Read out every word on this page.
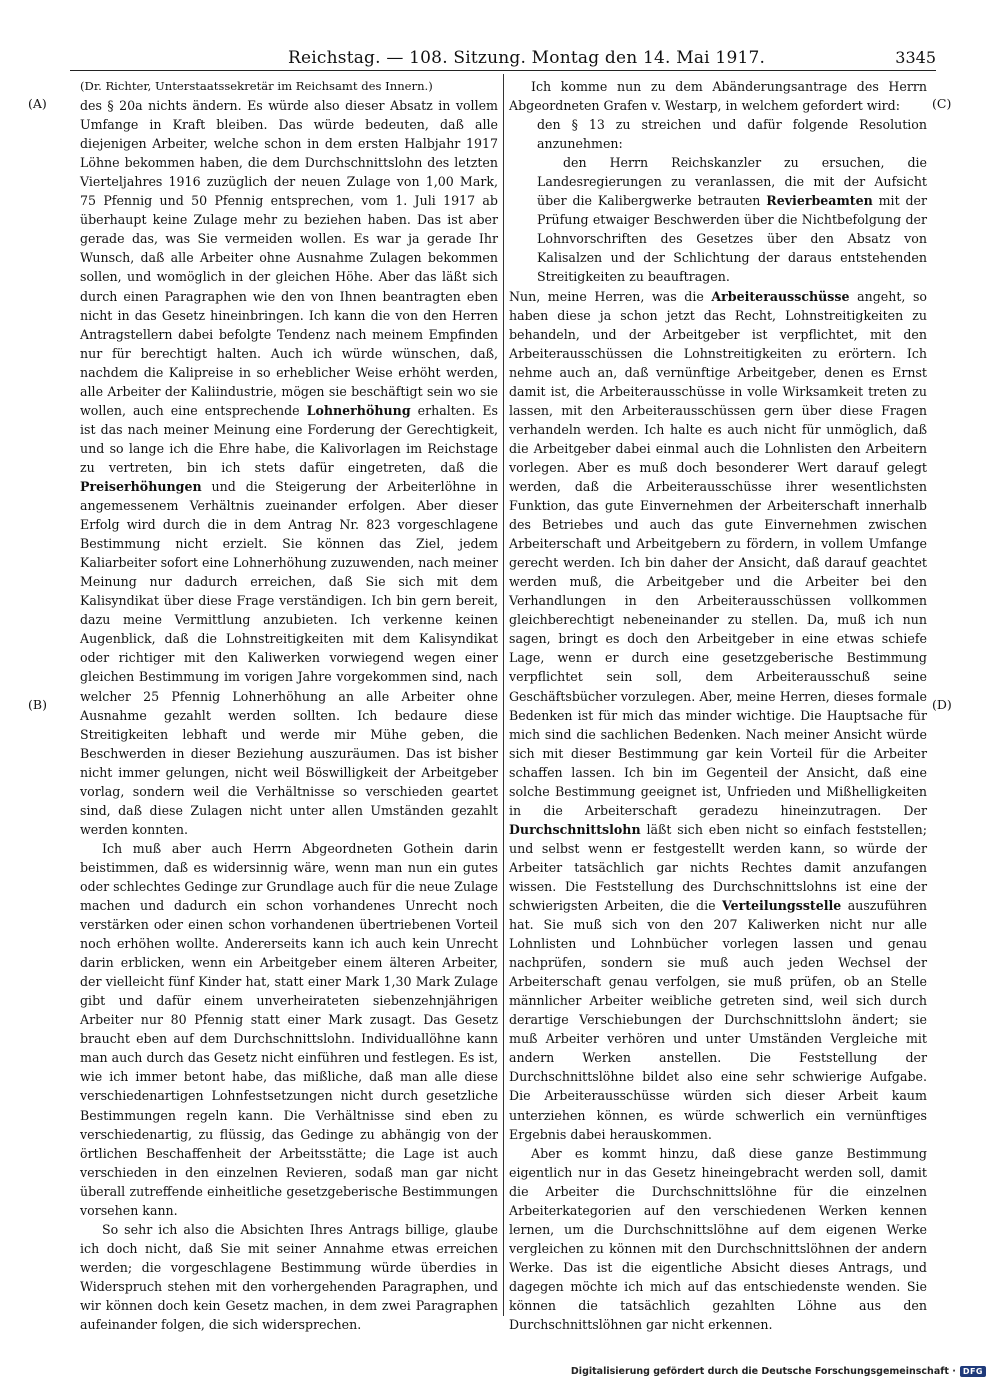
Reichstag. — 108. Sitzung. Montag den 14. Mai 1917.	3345
(A)
(B)
(C)
(D)

(Dr. Richter, Unterstaatssekretär im Reichsamt des Innern.)

des § 20a nichts ändern. Es würde also dieser Absatz in vollem Umfange in Kraft bleiben. Das würde bedeuten, daß alle diejenigen Arbeiter, welche schon in dem ersten Halbjahr 1917 Löhne bekommen haben, die dem Durchschnittslohn des letzten Vierteljahres 1916 zuzüglich der neuen Zulage von 1,00 Mark, 75 Pfennig und 50 Pfennig entsprechen, vom 1. Juli 1917 ab überhaupt keine Zulage mehr zu beziehen haben. Das ist aber gerade das, was Sie vermeiden wollen. Es war ja gerade Ihr Wunsch, daß alle Arbeiter ohne Ausnahme Zulagen bekommen sollen, und womöglich in der gleichen Höhe. Aber das läßt sich durch einen Paragraphen wie den von Ihnen beantragten eben nicht in das Gesetz hineinbringen. Ich kann die von den Herren Antragstellern dabei befolgte Tendenz nach meinem Empfinden nur für berechtigt halten. Auch ich würde wünschen, daß, nachdem die Kalipreise in so erheblicher Weise erhöht werden, alle Arbeiter der Kaliindustrie, mögen sie beschäftigt sein wo sie wollen, auch eine entsprechende Lohnerhöhung erhalten. Es ist das nach meiner Meinung eine Forderung der Gerechtigkeit, und so lange ich die Ehre habe, die Kalivorlagen im Reichstage zu vertreten, bin ich stets dafür eingetreten, daß die Preiserhöhungen und die Steigerung der Arbeiterlöhne in angemessenem Verhältnis zueinander erfolgen. Aber dieser Erfolg wird durch die in dem Antrag Nr. 823 vorgeschlagene Bestimmung nicht erzielt. Sie können das Ziel, jedem Kaliarbeiter sofort eine Lohnerhöhung zuzuwenden, nach meiner Meinung nur dadurch erreichen, daß Sie sich mit dem Kalisyndikat über diese Frage verständigen. Ich bin gern bereit, dazu meine Vermittlung anzubieten. Ich verkenne keinen Augenblick, daß die Lohnstreitigkeiten mit dem Kalisyndikat oder richtiger mit den Kaliwerken vorwiegend wegen einer gleichen Bestimmung im vorigen Jahre vorgekommen sind, nach welcher 25 Pfennig Lohnerhöhung an alle Arbeiter ohne Ausnahme gezahlt werden sollten. Ich bedaure diese Streitigkeiten lebhaft und werde mir Mühe geben, die Beschwerden in dieser Beziehung auszuräumen. Das ist bisher nicht immer gelungen, nicht weil Böswilligkeit der Arbeitgeber vorlag, sondern weil die Verhältnisse so verschieden geartet sind, daß diese Zulagen nicht unter allen Umständen gezahlt werden konnten.

Ich muß aber auch Herrn Abgeordneten Gothein darin beistimmen, daß es widersinnig wäre, wenn man nun ein gutes oder schlechtes Gedinge zur Grundlage auch für die neue Zulage machen und dadurch ein schon vorhandenes Unrecht noch verstärken oder einen schon vorhandenen übertriebenen Vorteil noch erhöhen wollte. Andererseits kann ich auch kein Unrecht darin erblicken, wenn ein Arbeitgeber einem älteren Arbeiter, der vielleicht fünf Kinder hat, statt einer Mark 1,30 Mark Zulage gibt und dafür einem unverheirateten siebenzehnjährigen Arbeiter nur 80 Pfennig statt einer Mark zusagt. Das Gesetz braucht eben auf dem Durchschnittslohn. Individuallöhne kann man auch durch das Gesetz nicht einführen und festlegen. Es ist, wie ich immer betont habe, das mißliche, daß man alle diese verschiedenartigen Lohnfestsetzungen nicht durch gesetzliche Bestimmungen regeln kann. Die Verhältnisse sind eben zu verschiedenartig, zu flüssig, das Gedinge zu abhängig von der örtlichen Beschaffenheit der Arbeitsstätte; die Lage ist auch verschieden in den einzelnen Revieren, sodaß man gar nicht überall zutreffende einheitliche gesetzgeberische Bestimmungen vorsehen kann.

So sehr ich also die Absichten Ihres Antrags billige, glaube ich doch nicht, daß Sie mit seiner Annahme etwas erreichen werden; die vorgeschlagene Bestimmung würde überdies in Widerspruch stehen mit den vorhergehenden Paragraphen, und wir können doch kein Gesetz machen, in dem zwei Paragraphen aufeinander folgen, die sich widersprechen.

Ich komme nun zu dem Abänderungsantrage des Herrn Abgeordneten Grafen v. Westarp, in welchem gefordert wird:

den § 13 zu streichen und dafür folgende Resolution anzunehmen:

den Herrn Reichskanzler zu ersuchen, die Landesregierungen zu veranlassen, die mit der Aufsicht über die Kalibergwerke betrauten Revierbeamten mit der Prüfung etwaiger Beschwerden über die Nichtbefolgung der Lohnvorschriften des Gesetzes über den Absatz von Kalisalzen und der Schlichtung der daraus entstehenden Streitigkeiten zu beauftragen.

Nun, meine Herren, was die Arbeiterausschüsse angeht, so haben diese ja schon jetzt das Recht, Lohnstreitigkeiten zu behandeln, und der Arbeitgeber ist verpflichtet, mit den Arbeiterausschüssen die Lohnstreitigkeiten zu erörtern. Ich nehme auch an, daß vernünftige Arbeitgeber, denen es Ernst damit ist, die Arbeiterausschüsse in volle Wirksamkeit treten zu lassen, mit den Arbeiterausschüssen gern über diese Fragen verhandeln werden. Ich halte es auch nicht für unmöglich, daß die Arbeitgeber dabei einmal auch die Lohnlisten den Arbeitern vorlegen. Aber es muß doch besonderer Wert darauf gelegt werden, daß die Arbeiterausschüsse ihrer wesentlichsten Funktion, das gute Einvernehmen der Arbeiterschaft innerhalb des Betriebes und auch das gute Einvernehmen zwischen Arbeiterschaft und Arbeitgebern zu fördern, in vollem Umfange gerecht werden. Ich bin daher der Ansicht, daß darauf geachtet werden muß, die Arbeitgeber und die Arbeiter bei den Verhandlungen in den Arbeiterausschüssen vollkommen gleichberechtigt nebeneinander zu stellen. Da, muß ich nun sagen, bringt es doch den Arbeitgeber in eine etwas schiefe Lage, wenn er durch eine gesetzgeberische Bestimmung verpflichtet sein soll, dem Arbeiterausschuß seine Geschäftsbücher vorzulegen. Aber, meine Herren, dieses formale Bedenken ist für mich das minder wichtige. Die Hauptsache für mich sind die sachlichen Bedenken. Nach meiner Ansicht würde sich mit dieser Bestimmung gar kein Vorteil für die Arbeiter schaffen lassen. Ich bin im Gegenteil der Ansicht, daß eine solche Bestimmung geeignet ist, Unfrieden und Mißhelligkeiten in die Arbeiterschaft geradezu hineinzutragen. Der Durchschnittslohn läßt sich eben nicht so einfach feststellen; und selbst wenn er festgestellt werden kann, so würde der Arbeiter tatsächlich gar nichts Rechtes damit anzufangen wissen. Die Feststellung des Durchschnittslohns ist eine der schwierigsten Arbeiten, die die Verteilungsstelle auszuführen hat. Sie muß sich von den 207 Kaliwerken nicht nur alle Lohnlisten und Lohnbücher vorlegen lassen und genau nachprüfen, sondern sie muß auch jeden Wechsel der Arbeiterschaft genau verfolgen, sie muß prüfen, ob an Stelle männlicher Arbeiter weibliche getreten sind, weil sich durch derartige Verschiebungen der Durchschnittslohn ändert; sie muß Arbeiter verhören und unter Umständen Vergleiche mit andern Werken anstellen. Die Feststellung der Durchschnittslöhne bildet also eine sehr schwierige Aufgabe. Die Arbeiterausschüsse würden sich dieser Arbeit kaum unterziehen können, es würde schwerlich ein vernünftiges Ergebnis dabei herauskommen.

Aber es kommt hinzu, daß diese ganze Bestimmung eigentlich nur in das Gesetz hineingebracht werden soll, damit die Arbeiter die Durchschnittslöhne für die einzelnen Arbeiterkategorien auf den verschiedenen Werken kennen lernen, um die Durchschnittslöhne auf dem eigenen Werke vergleichen zu können mit den Durchschnittslöhnen der andern Werke. Das ist die eigentliche Absicht dieses Antrags, und dagegen möchte ich mich auf das entschiedenste wenden. Sie können die tatsächlich gezahlten Löhne aus den Durchschnittslöhnen gar nicht erkennen.

Digitalisierung gefördert durch die Deutsche Forschungsgemeinschaft · DFG
